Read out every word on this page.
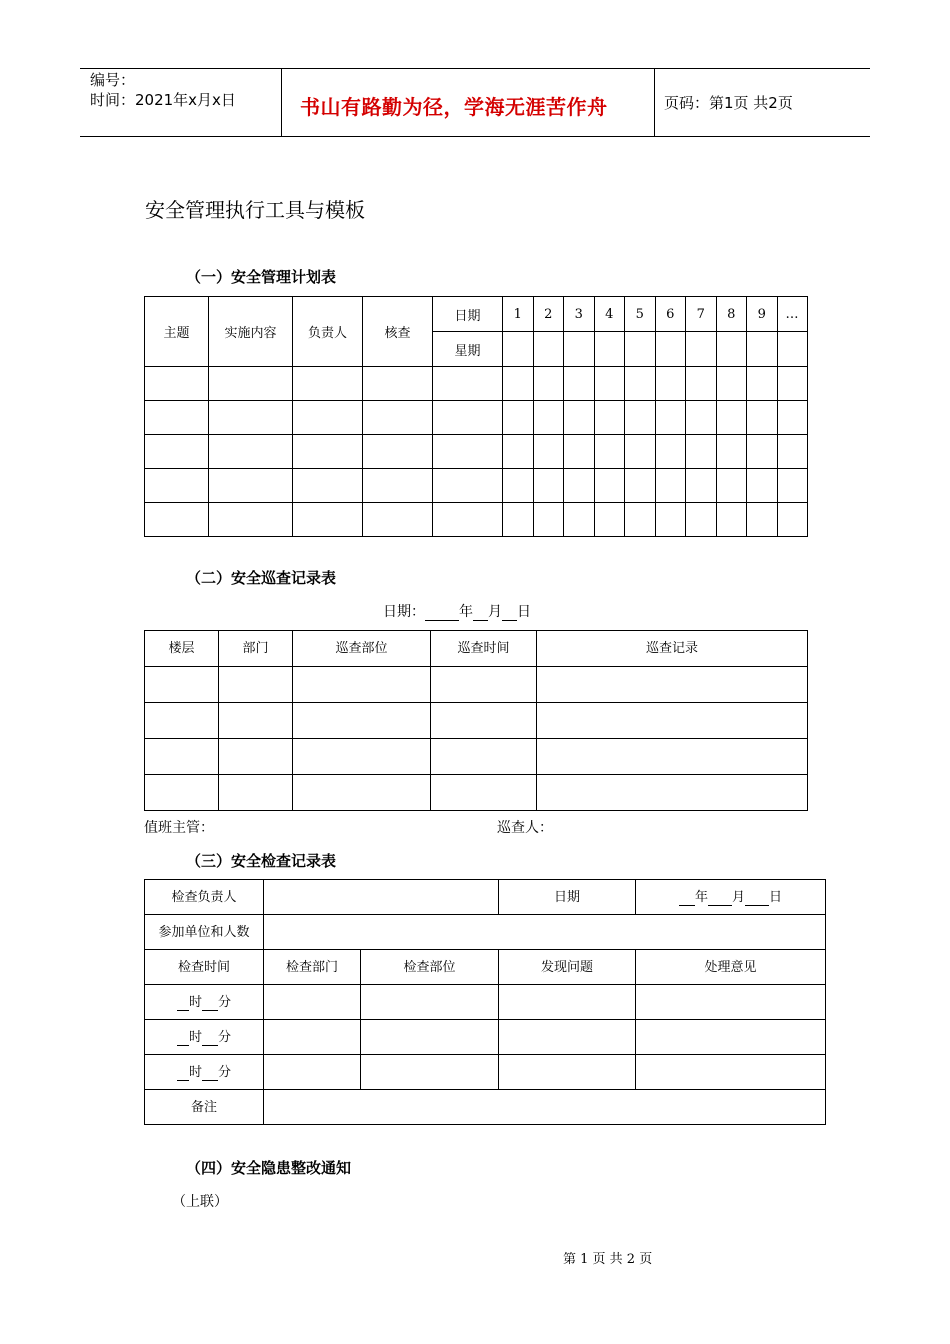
编号：
时间：2021年x月x日	书山有路勤为径，学海无涯苦作舟	页码：第1页 共2页
安全管理执行工具与模板
（一）安全管理计划表
主题	实施内容	负责人	核查	日期	1	2	3	4	5	6	7	8	9	…
				星期										

（二）安全巡查记录表
日期： 年 月 日
楼层	部门	巡查部位	巡查时间	巡查记录

值班主管：	巡查人：
（三）安全检查记录表
检查负责人			日期	年 月 日
参加单位和人数				
检查时间	检查部门	检查部位	发现问题	处理意见
时 分				
时 分				
时 分				
备注				
（四）安全隐患整改通知
（上联）
第 1 页 共 2 页
